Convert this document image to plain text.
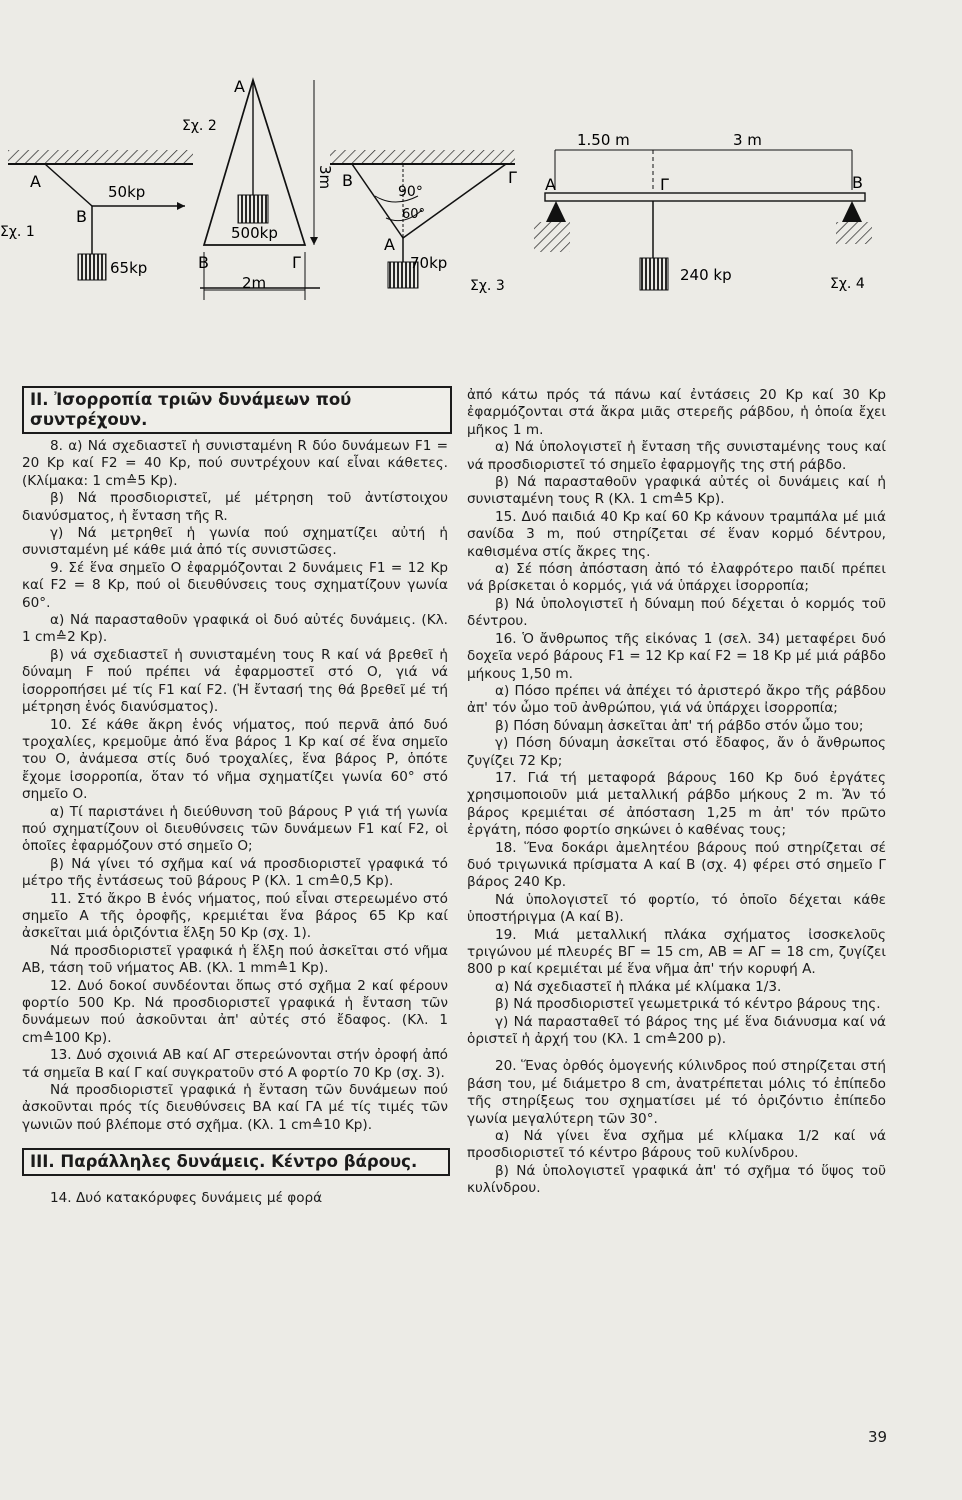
A
B
50kp
65kp
Σχ. 1
A
Σχ. 2
500kp
B	Γ
2m
3m B	Γ
A
90°
60°
70kp
Σχ. 3
1.50 m	3 m
A	Γ	B
240 kp	Σχ. 4
ΙΙ. Ἰσορροπία τριῶν δυνάμεων πού συντρέχουν.

8. α) Νά σχεδιαστεῖ ἡ συνισταμένη R δύο δυνάμεων F1 = 20 Kp καί F2 = 40 Kp, πού συντρέχουν καί εἶναι κάθετες. (Κλίμακα: 1 cm≙5 Kp).

β) Νά προσδιοριστεῖ, μέ μέτρηση τοῦ ἀντίστοιχου διανύσματος, ἡ ἔνταση τῆς R.

γ) Νά μετρηθεῖ ἡ γωνία πού σχηματίζει αὐτή ἡ συνισταμένη μέ κάθε μιά ἀπό τίς συνιστῶσες.

9. Σέ ἕνα σημεῖο Ο ἐφαρμόζονται 2 δυνάμεις F1 = 12 Kp καί F2 = 8 Kp, πού οἱ διευθύνσεις τους σχηματίζουν γωνία 60°.

α) Νά παρασταθοῦν γραφικά οἱ δυό αὐτές δυνάμεις. (Κλ. 1 cm≙2 Kp).

β) νά σχεδιαστεῖ ἡ συνισταμένη τους R καί νά βρεθεῖ ἡ δύναμη F πού πρέπει νά ἐφαρμοστεῖ στό Ο, γιά νά ἰσορροπήσει μέ τίς F1 καί F2. (Ἡ ἔντασή της θά βρεθεῖ μέ τή μέτρηση ἑνός διανύσματος).

10. Σέ κάθε ἄκρη ἑνός νήματος, πού περνᾶ ἀπό δυό τροχαλίες, κρεμοῦμε ἀπό ἕνα βάρος 1 Kp καί σέ ἕνα σημεῖο του Ο, ἀνάμεσα στίς δυό τροχαλίες, ἕνα βάρος Ρ, ὁπότε ἔχομε ἰσορροπία, ὅταν τό νῆμα σχηματίζει γωνία 60° στό σημεῖο Ο.

α) Τί παριστάνει ἡ διεύθυνση τοῦ βάρους Ρ γιά τή γωνία πού σχηματίζουν οἱ διευθύνσεις τῶν δυνάμεων F1 καί F2, οἱ ὁποῖες ἐφαρμόζουν στό σημεῖο Ο;

β) Νά γίνει τό σχῆμα καί νά προσδιοριστεῖ γραφικά τό μέτρο τῆς ἐντάσεως τοῦ βάρους Ρ (Κλ. 1 cm≙0,5 Kp).

11. Στό ἄκρο Β ἑνός νήματος, πού εἶναι στερεωμένο στό σημεῖο Α τῆς ὀροφῆς, κρεμιέται ἕνα βάρος 65 Kp καί ἀσκεῖται μιά ὁριζόντια ἕλξη 50 Kp (σχ. 1).

Νά προσδιοριστεῖ γραφικά ἡ ἕλξη πού ἀσκεῖται στό νῆμα ΑΒ, τάση τοῦ νήματος ΑΒ. (Κλ. 1 mm≙1 Kp).

12. Δυό δοκοί συνδέονται ὅπως στό σχῆμα 2 καί φέρουν φορτίο 500 Kp. Νά προσδιοριστεῖ γραφικά ἡ ἔνταση τῶν δυνάμεων πού ἀσκοῦνται ἀπ' αὐτές στό ἔδαφος. (Κλ. 1 cm≙100 Kp).

13. Δυό σχοινιά ΑΒ καί ΑΓ στερεώνονται στήν ὀροφή ἀπό τά σημεῖα Β καί Γ καί συγκρατοῦν στό Α φορτίο 70 Kp (σχ. 3).

Νά προσδιοριστεῖ γραφικά ἡ ἔνταση τῶν δυνάμεων πού ἀσκοῦνται πρός τίς διευθύνσεις ΒΑ καί ΓΑ μέ τίς τιμές τῶν γωνιῶν πού βλέπομε στό σχῆμα. (Κλ. 1 cm≙10 Kp).

ΙΙΙ. Παράλληλες δυνάμεις. Κέντρο βάρους.

14. Δυό κατακόρυφες δυνάμεις μέ φορά

ἀπό κάτω πρός τά πάνω καί ἐντάσεις 20 Kp καί 30 Kp ἐφαρμόζονται στά ἄκρα μιᾶς στερεῆς ράβδου, ἡ ὁποία ἔχει μῆκος 1 m.

α) Νά ὑπολογιστεῖ ἡ ἔνταση τῆς συνισταμένης τους καί νά προσδιοριστεῖ τό σημεῖο ἐφαρμογῆς της στή ράβδο.

β) Νά παρασταθοῦν γραφικά αὐτές οἱ δυνάμεις καί ἡ συνισταμένη τους R (Κλ. 1 cm≙5 Kp).

15. Δυό παιδιά 40 Kp καί 60 Kp κάνουν τραμπάλα μέ μιά σανίδα 3 m, πού στηρίζεται σέ ἕναν κορμό δέντρου, καθισμένα στίς ἄκρες της.

α) Σέ πόση ἀπόσταση ἀπό τό ἐλαφρότερο παιδί πρέπει νά βρίσκεται ὁ κορμός, γιά νά ὑπάρχει ἰσορροπία;

β) Νά ὑπολογιστεῖ ἡ δύναμη πού δέχεται ὁ κορμός τοῦ δέντρου.

16. Ὁ ἄνθρωπος τῆς εἰκόνας 1 (σελ. 34) μεταφέρει δυό δοχεῖα νερό βάρους F1 = 12 Kp καί F2 = 18 Kp μέ μιά ράβδο μήκους 1,50 m.

α) Πόσο πρέπει νά ἀπέχει τό ἀριστερό ἄκρο τῆς ράβδου ἀπ' τόν ὦμο τοῦ ἀνθρώπου, γιά νά ὑπάρχει ἰσορροπία;

β) Πόση δύναμη ἀσκεῖται ἀπ' τή ράβδο στόν ὦμο του;

γ) Πόση δύναμη ἀσκεῖται στό ἔδαφος, ἄν ὁ ἄνθρωπος ζυγίζει 72 Kp;

17. Γιά τή μεταφορά βάρους 160 Kp δυό ἐργάτες χρησιμοποιοῦν μιά μεταλλική ράβδο μήκους 2 m. Ἄν τό βάρος κρεμιέται σέ ἀπόσταση 1,25 m ἀπ' τόν πρῶτο ἐργάτη, πόσο φορτίο σηκώνει ὁ καθένας τους;

18. Ἕνα δοκάρι ἀμελητέου βάρους πού στηρίζεται σέ δυό τριγωνικά πρίσματα Α καί Β (σχ. 4) φέρει στό σημεῖο Γ βάρος 240 Kp.

Νά ὑπολογιστεῖ τό φορτίο, τό ὁποῖο δέχεται κάθε ὑποστήριγμα (Α καί Β).

19. Μιά μεταλλική πλάκα σχήματος ἰσοσκελοῦς τριγώνου μέ πλευρές ΒΓ = 15 cm, ΑΒ = ΑΓ = 18 cm, ζυγίζει 800 p καί κρεμιέται μέ ἕνα νῆμα ἀπ' τήν κορυφή Α.

α) Νά σχεδιαστεῖ ἡ πλάκα μέ κλίμακα 1/3.

β) Νά προσδιοριστεῖ γεωμετρικά τό κέντρο βάρους της.

γ) Νά παρασταθεῖ τό βάρος της μέ ἕνα διάνυσμα καί νά ὁριστεῖ ἡ ἀρχή του (Κλ. 1 cm≙200 p).

20. Ἕνας ὀρθός ὁμογενής κύλινδρος πού στηρίζεται στή βάση του, μέ διάμετρο 8 cm, ἀνατρέπεται μόλις τό ἐπίπεδο τῆς στηρίξεως του σχηματίσει μέ τό ὁριζόντιο ἐπίπεδο γωνία μεγαλύτερη τῶν 30°.

α) Νά γίνει ἕνα σχῆμα μέ κλίμακα 1/2 καί νά προσδιοριστεῖ τό κέντρο βάρους τοῦ κυλίνδρου.

β) Νά ὑπολογιστεῖ γραφικά ἀπ' τό σχῆμα τό ὕψος τοῦ κυλίνδρου.

39
